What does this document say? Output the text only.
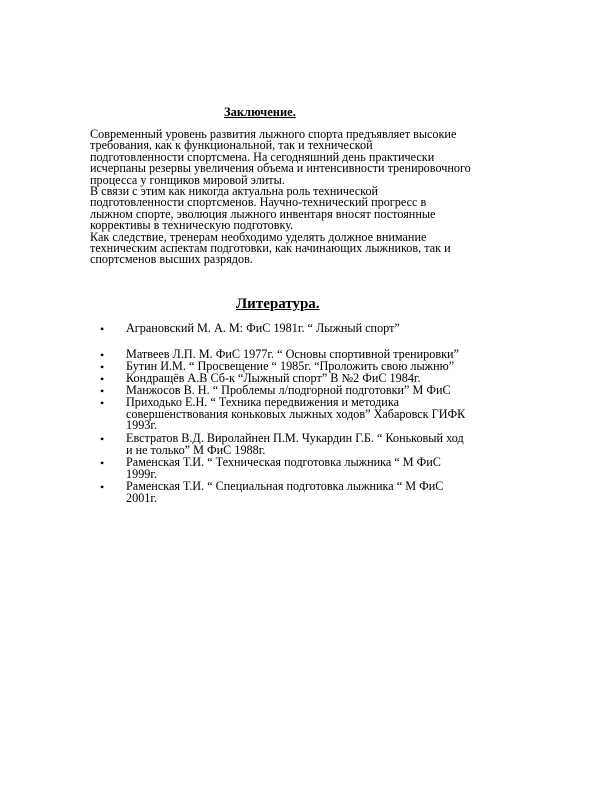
Заключение.
Современный уровень развития лыжного спорта предъявляет высокие
требования, как к функциональной, так и технической
подготовленности спортсмена. На сегодняшний день практически
исчерпаны резервы увеличения объема и интенсивности тренировочного
процесса у гонщиков мировой элиты.
В связи с этим как никогда актуальна роль технической
подготовленности спортсменов. Научно-технический прогресс в
лыжном спорте, эволюция лыжного инвентаря вносят постоянные
коррективы в техническую подготовку.
Как следствие, тренерам необходимо уделять должное внимание
техническим аспектам подготовки, как начинающих лыжников, так и
спортсменов высших разрядов.
Литература.
• Аграновский М. А. М: ФиС 1981г. “ Лыжный спорт”
• Матвеев Л.П. М. ФиС 1977г. “ Основы спортивной тренировки”
• Бутин И.М. “ Просвещение “ 1985г. “Проложить свою лыжню”
• Кондращёв А.В Сб-к “Лыжный спорт” В №2 ФиС 1984г.
• Манжосов В. Н. “ Проблемы л/подгорной подготовки” М ФиС
• Приходько Е.Н. “ Техника передвижения и методика
совершенствования коньковых лыжных ходов” Хабаровск ГИФК
1993г.
• Евстратов В.Д. Виролайнен П.М. Чукардин Г.Б. “ Коньковый ход
и не только” М ФиС 1988г.
• Раменская Т.И. “ Техническая подготовка лыжника “ М ФиС
1999г.
• Раменская Т.И. “ Специальная подготовка лыжника “ М ФиС
2001г.
